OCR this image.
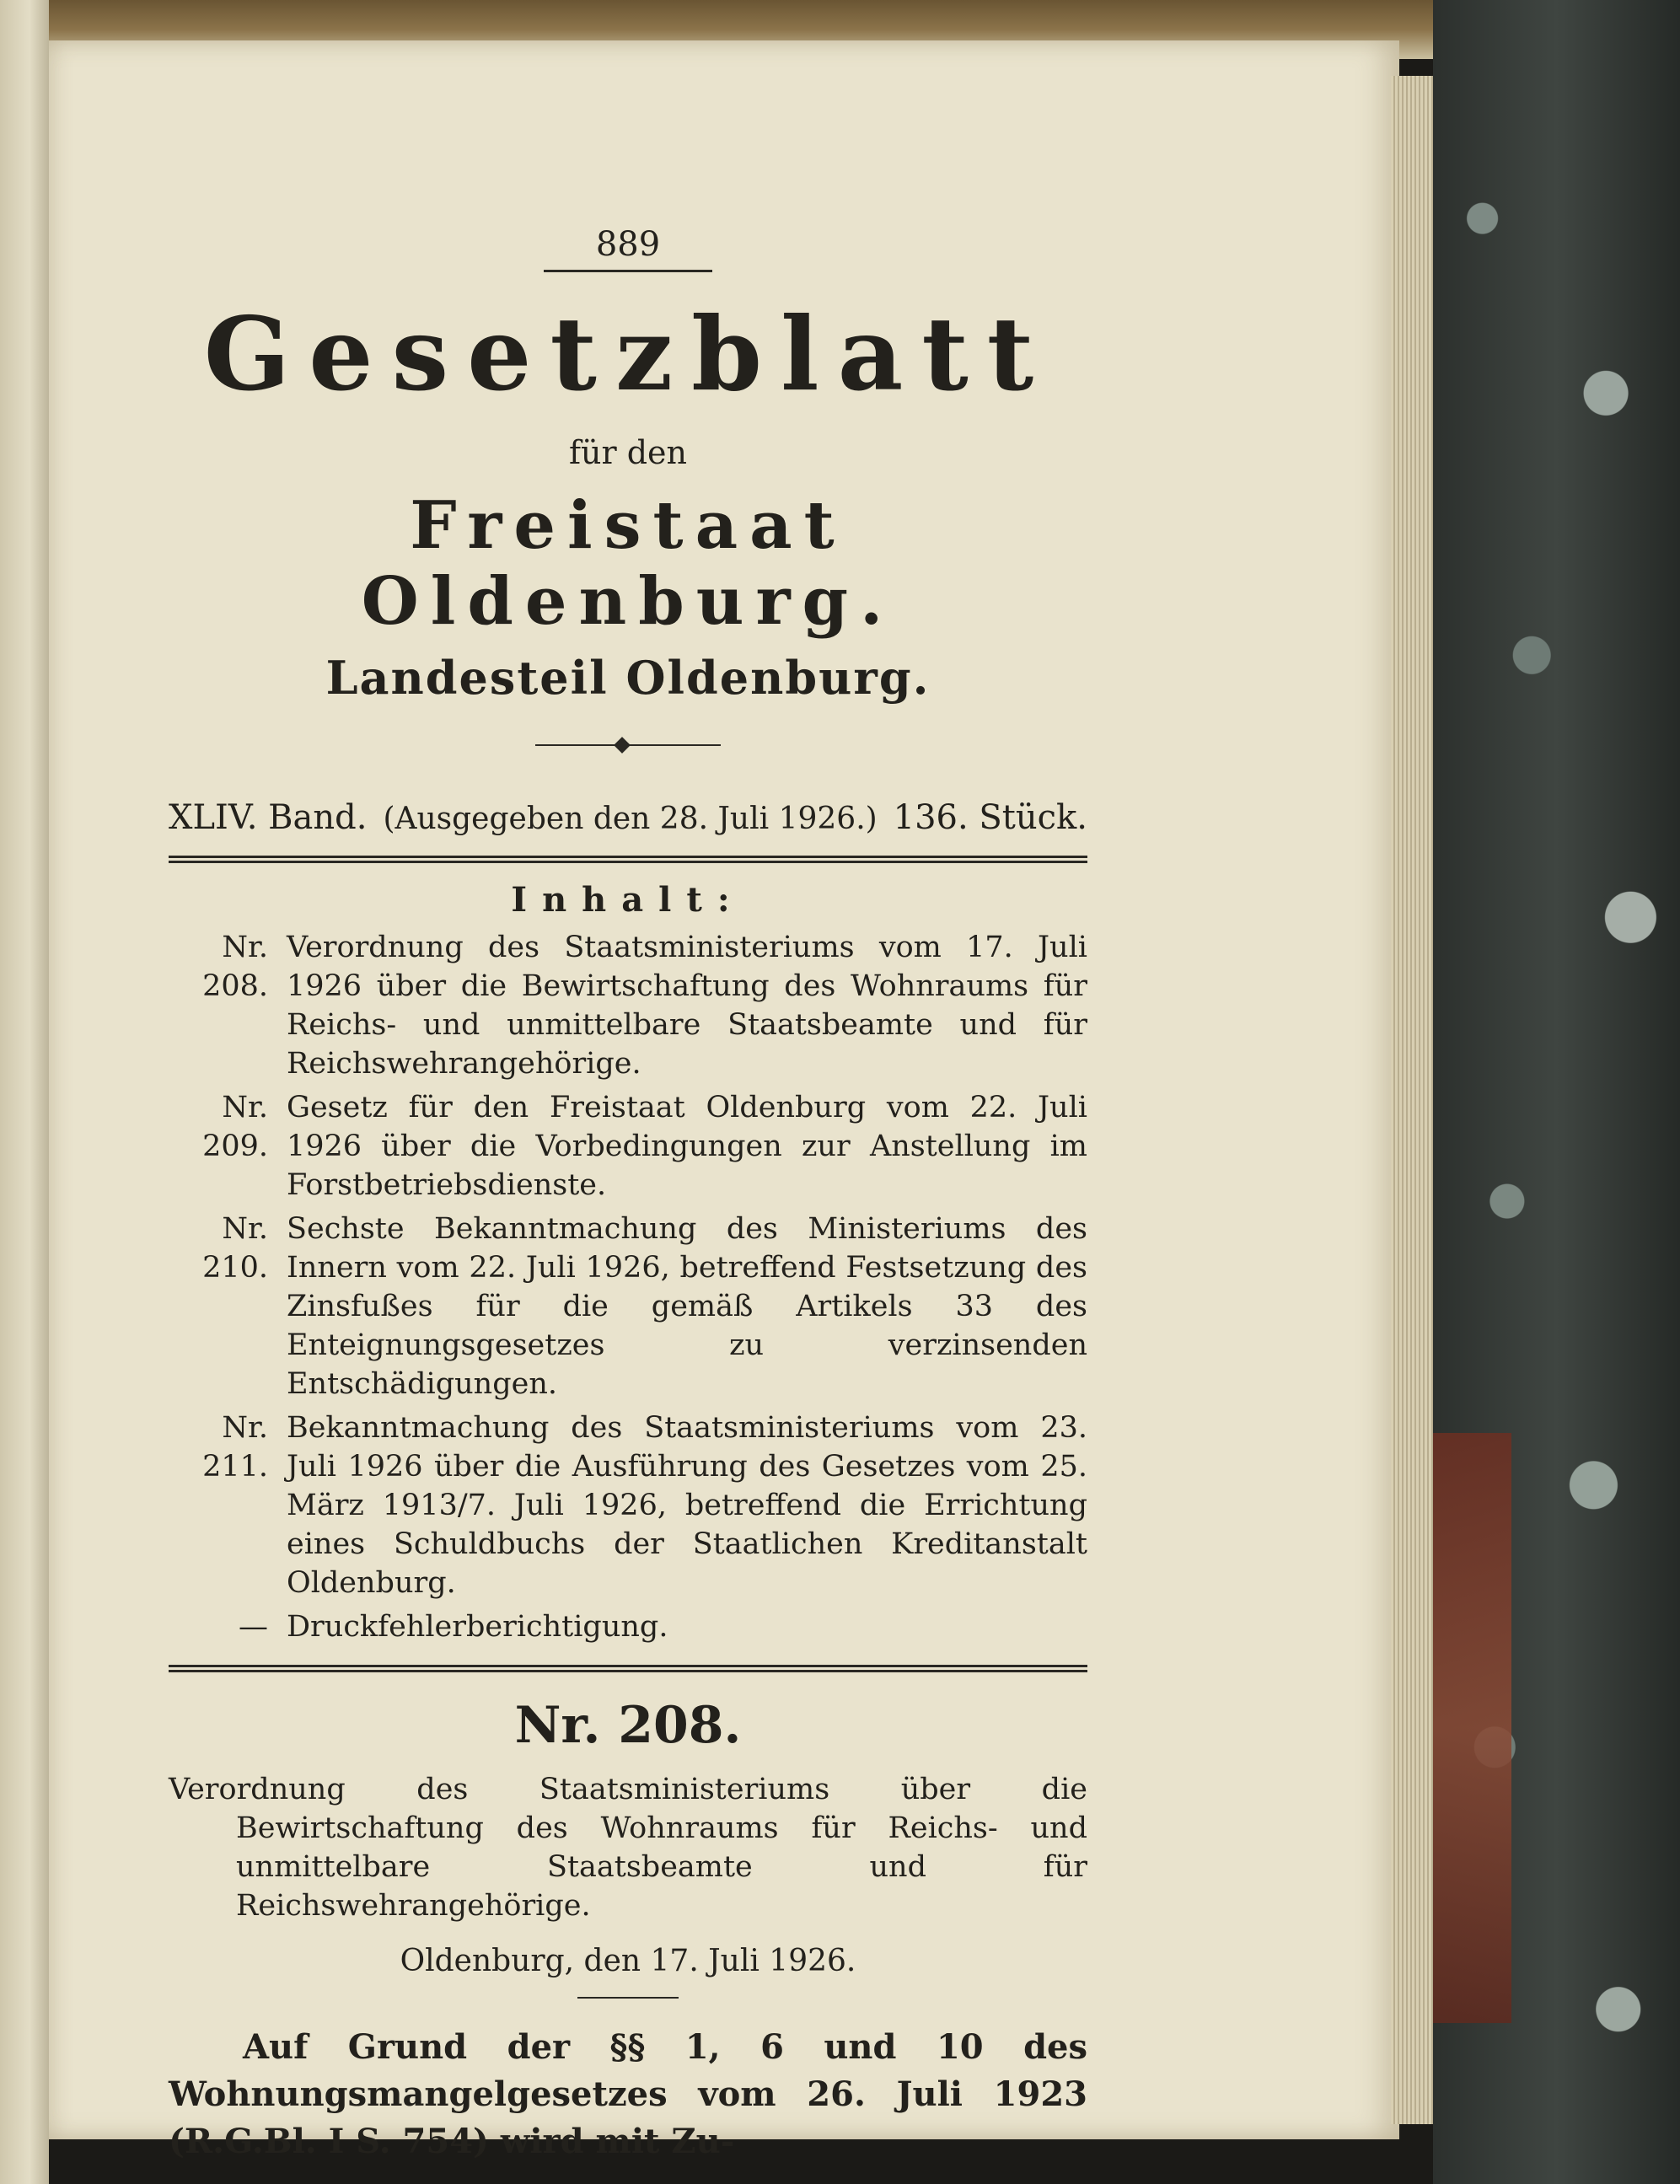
889

Gesetzblatt

für den

Freistaat Oldenburg.
Landesteil Oldenburg.
XLIV. Band. (Ausgegeben den 28. Juli 1926.) 136. Stück.
Inhalt:
Nr. 208.
Verordnung des Staatsministeriums vom 17. Juli 1926 über die Bewirtschaftung des Wohnraums für Reichs- und unmittelbare Staatsbeamte und für Reichswehrangehörige.
Nr. 209.
Gesetz für den Freistaat Oldenburg vom 22. Juli 1926 über die Vorbedingungen zur Anstellung im Forstbetriebsdienste.
Nr. 210.
Sechste Bekanntmachung des Ministeriums des Innern vom 22. Juli 1926, betreffend Festsetzung des Zinsfußes für die gemäß Artikels 33 des Enteignungsgesetzes zu verzinsenden Entschädigungen.
Nr. 211.
Bekanntmachung des Staatsministeriums vom 23. Juli 1926 über die Ausführung des Gesetzes vom 25. März 1913/7. Juli 1926, betreffend die Errichtung eines Schuldbuchs der Staatlichen Kreditanstalt Oldenburg.
— Druckfehlerberichtigung.
Nr. 208.

Verordnung des Staatsministeriums über die Bewirtschaftung des Wohnraums für Reichs- und unmittelbare Staatsbeamte und für Reichswehrangehörige.

Oldenburg, den 17. Juli 1926.

Auf Grund der §§ 1, 6 und 10 des Wohnungsmangelgesetzes vom 26. Juli 1923 (R.G.Bl. I S. 754) wird mit Zu-
